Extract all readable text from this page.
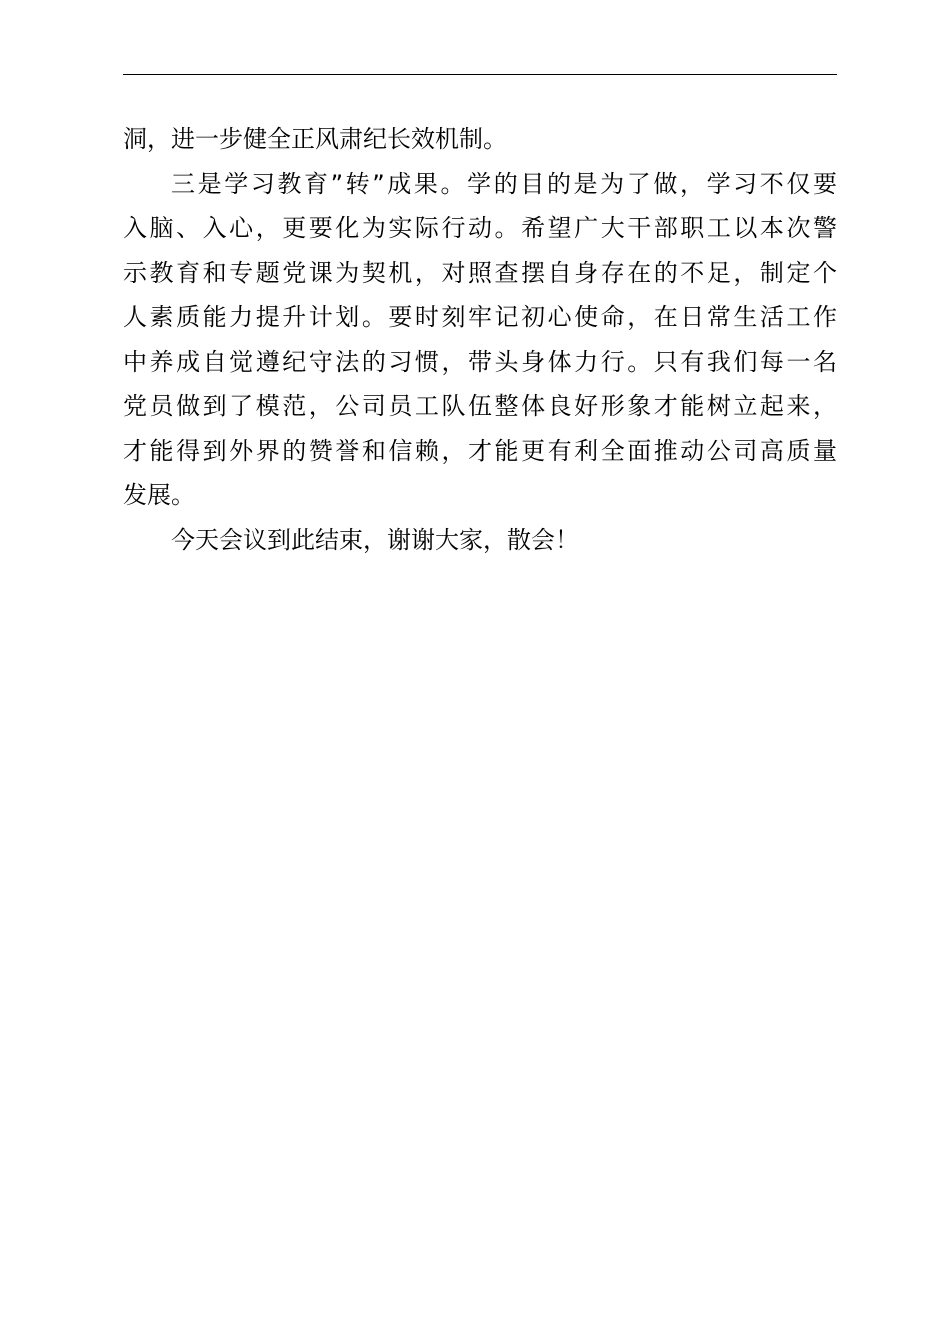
洞，进一步健全正风肃纪长效机制。
三是学习教育”转”成果。学的目的是为了做，学习不仅要
入脑、入心，更要化为实际行动。希望广大干部职工以本次警
示教育和专题党课为契机，对照查摆自身存在的不足，制定个
人素质能力提升计划。要时刻牢记初心使命，在日常生活工作
中养成自觉遵纪守法的习惯，带头身体力行。只有我们每一名
党员做到了模范，公司员工队伍整体良好形象才能树立起来，
才能得到外界的赞誉和信赖，才能更有利全面推动公司高质量
发展。
今天会议到此结束，谢谢大家，散会！
